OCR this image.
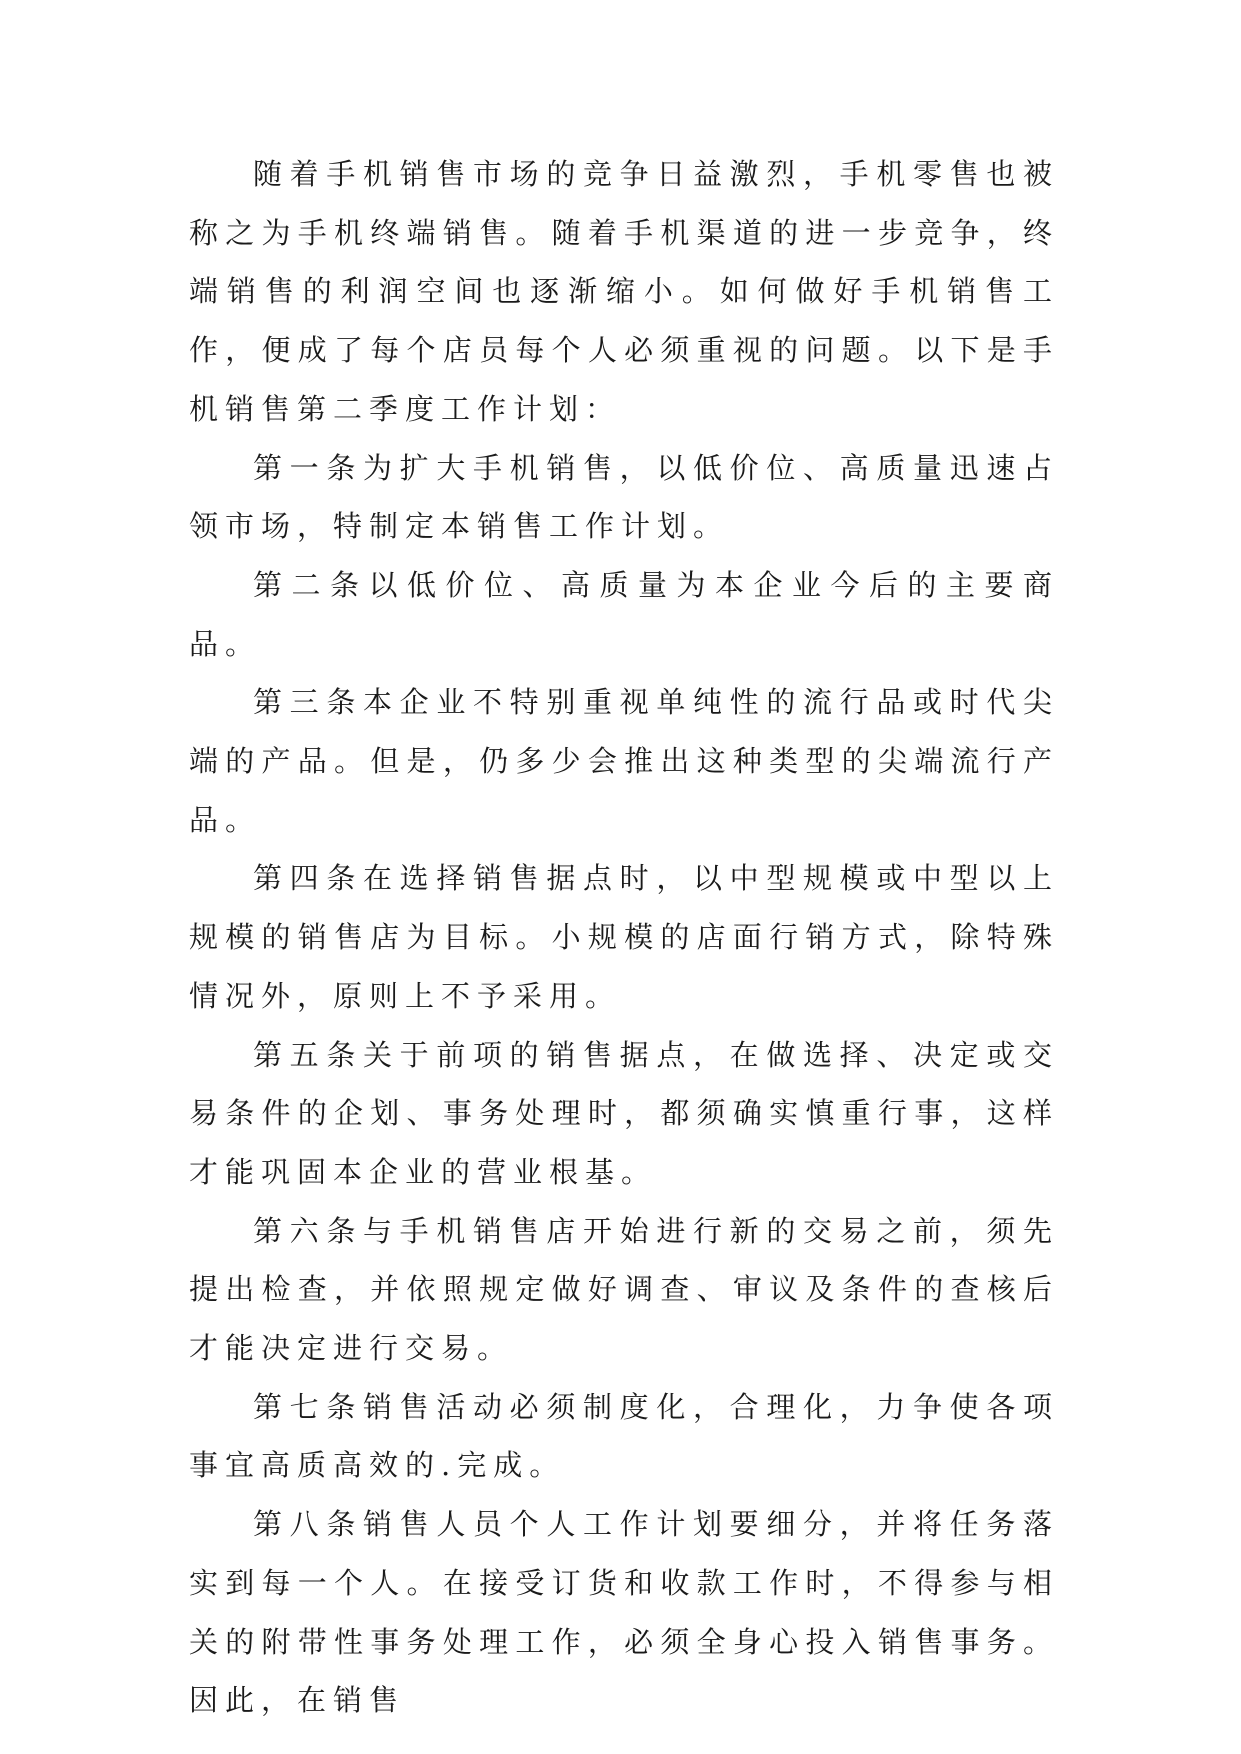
随着手机销售市场的竞争日益激烈，手机零售也被称之为手机终端销售。随着手机渠道的进一步竞争，终端销售的利润空间也逐渐缩小。如何做好手机销售工作，便成了每个店员每个人必须重视的问题。以下是手机销售第二季度工作计划：

第一条为扩大手机销售，以低价位、高质量迅速占领市场，特制定本销售工作计划。

第二条以低价位、高质量为本企业今后的主要商品。

第三条本企业不特别重视单纯性的流行品或时代尖端的产品。但是，仍多少会推出这种类型的尖端流行产品。

第四条在选择销售据点时，以中型规模或中型以上规模的销售店为目标。小规模的店面行销方式，除特殊情况外，原则上不予采用。

第五条关于前项的销售据点，在做选择、决定或交易条件的企划、事务处理时，都须确实慎重行事，这样才能巩固本企业的营业根基。

第六条与手机销售店开始进行新的交易之前，须先提出检查，并依照规定做好调查、审议及条件的查核后才能决定进行交易。

第七条销售活动必须制度化，合理化，力争使各项事宜高质高效的.完成。

第八条销售人员个人工作计划要细分，并将任务落实到每一个人。在接受订货和收款工作时，不得参与相关的附带性事务处理工作，必须全身心投入销售事务。因此，在销售
